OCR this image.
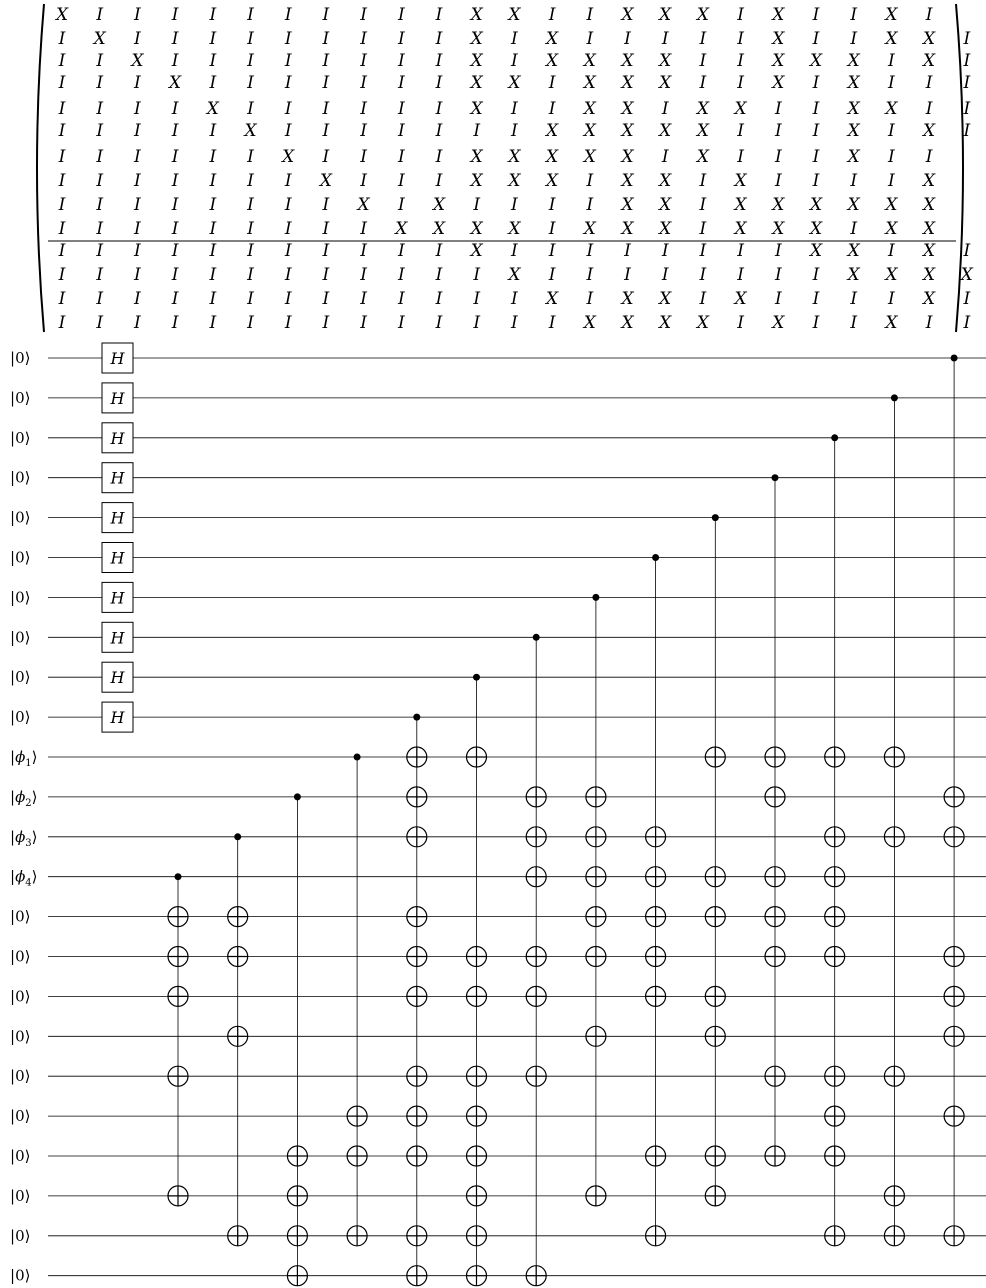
X I I I I I I I I I I X X I I X X X I X I I X I
I X I I I I I I I I I X I X I I I I I X I I X X I
I I X I I I I I I I I X I X X X X I I X X X I X I
I I I X I I I I I I I X X I X X X I I X I X I I I
I I I I X I I I I I I X I I X X I X X I I X X I I
I I I I I X I I I I I I I X X X X X I I I X I X I
I I I I I I X I I I I X X X X X I X I I I X I I
I I I I I I I X I I I X X X I X X I X I I I I X
I I I I I I I I X I X I I I I X X I X X X X X X
I I I I I I I I I X X X X I X X X I X X X I X X
I I I I I I I I I I I X I I I I I I I I X X I X I
I I I I I I I I I I I I X I I I I I I I I X X X X
I I I I I I I I I I I I I X I X X I X I I I I X I
I I I I I I I I I I I I I I X X X X I X I I X I I
|0⟩
|0⟩
|0⟩
|0⟩
|0⟩
|0⟩
|0⟩
|0⟩
|0⟩
|0⟩
$|\phi_1⟩$
$|\phi_2⟩$
$|\phi_3⟩$
$|\phi_4⟩$
|0⟩
|0⟩
|0⟩
|0⟩
|0⟩
|0⟩
|0⟩
|0⟩
|0⟩
|0⟩
H
H
H
H
H
H
H
H
H
H
